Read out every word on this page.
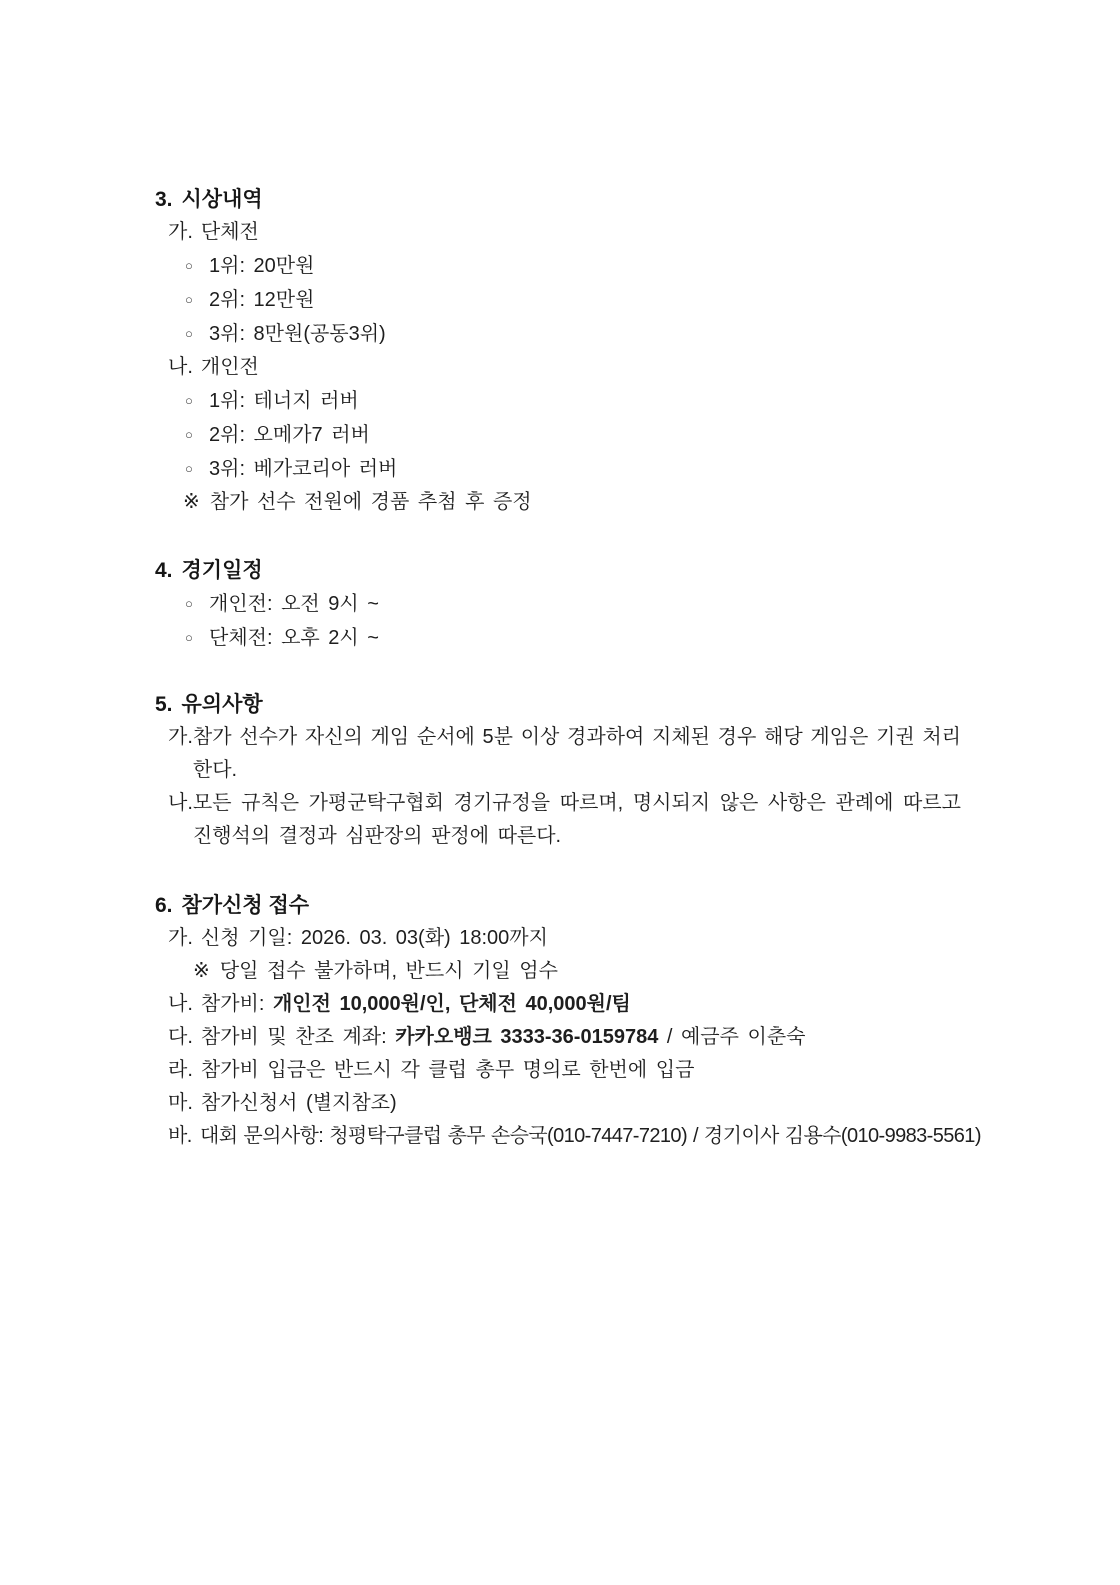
3. 시상내역
가. 단체전
○ 1위: 20만원
○ 2위: 12만원
○ 3위: 8만원(공동3위)
나. 개인전
○ 1위: 테너지 러버
○ 2위: 오메가7 러버
○ 3위: 베가코리아 러버
※ 참가 선수 전원에 경품 추첨 후 증정
4. 경기일정
○ 개인전: 오전 9시 ~
○ 단체전: 오후 2시 ~
5. 유의사항
가. 참가 선수가 자신의 게임 순서에 5분 이상 경과하여 지체된 경우 해당 게임은 기권 처리
한다.
나. 모든 규칙은 가평군탁구협회 경기규정을 따르며, 명시되지 않은 사항은 관례에 따르고
진행석의 결정과 심판장의 판정에 따른다.
6. 참가신청 접수
가. 신청 기일: 2026. 03. 03(화) 18:00까지
※ 당일 접수 불가하며, 반드시 기일 엄수
나. 참가비: 개인전 10,000원/인, 단체전 40,000원/팀
다. 참가비 및 찬조 계좌: 카카오뱅크 3333-36-0159784 / 예금주 이춘숙
라. 참가비 입금은 반드시 각 클럽 총무 명의로 한번에 입금
마. 참가신청서 (별지참조)
바. 대회 문의사항: 청평탁구클럽 총무 손승국(010-7447-7210) / 경기이사 김용수(010-9983-5561)
